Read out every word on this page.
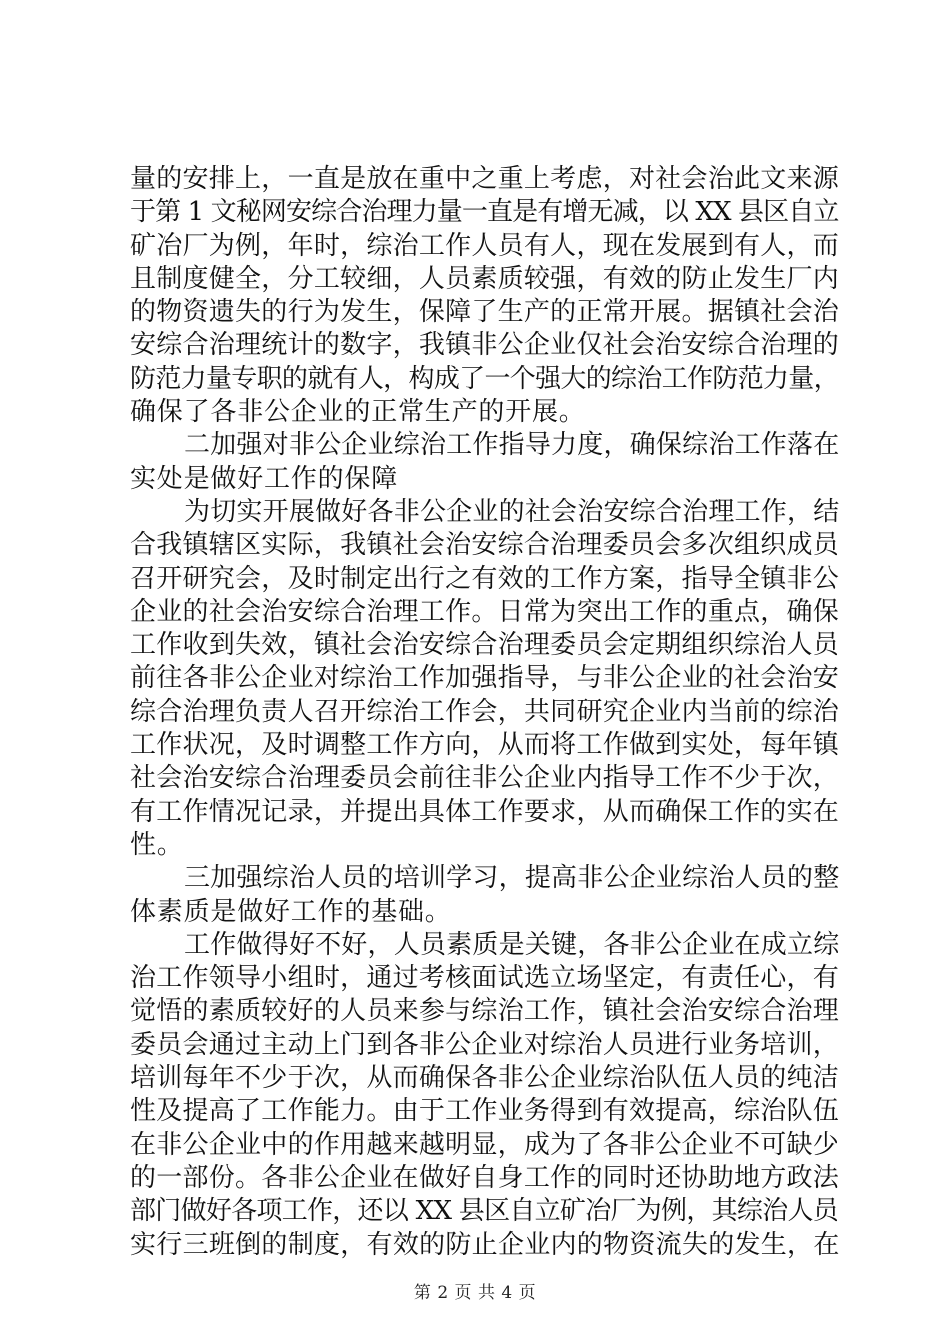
量的安排上，一直是放在重中之重上考虑，对社会治此文来源
于第 1 文秘网安综合治理力量一直是有增无减，以 XX 县区自立
矿冶厂为例，年时，综治工作人员有人，现在发展到有人，而
且制度健全，分工较细，人员素质较强，有效的防止发生厂内
的物资遗失的行为发生，保障了生产的正常开展。据镇社会治
安综合治理统计的数字，我镇非公企业仅社会治安综合治理的
防范力量专职的就有人，构成了一个强大的综治工作防范力量，
确保了各非公企业的正常生产的开展。
二加强对非公企业综治工作指导力度，确保综治工作落在
实处是做好工作的保障
为切实开展做好各非公企业的社会治安综合治理工作，结
合我镇辖区实际，我镇社会治安综合治理委员会多次组织成员
召开研究会，及时制定出行之有效的工作方案，指导全镇非公
企业的社会治安综合治理工作。日常为突出工作的重点，确保
工作收到失效，镇社会治安综合治理委员会定期组织综治人员
前往各非公企业对综治工作加强指导，与非公企业的社会治安
综合治理负责人召开综治工作会，共同研究企业内当前的综治
工作状况，及时调整工作方向，从而将工作做到实处，每年镇
社会治安综合治理委员会前往非公企业内指导工作不少于次，
有工作情况记录，并提出具体工作要求，从而确保工作的实在
性。
三加强综治人员的培训学习，提高非公企业综治人员的整
体素质是做好工作的基础。
工作做得好不好，人员素质是关键，各非公企业在成立综
治工作领导小组时，通过考核面试选立场坚定，有责任心，有
觉悟的素质较好的人员来参与综治工作，镇社会治安综合治理
委员会通过主动上门到各非公企业对综治人员进行业务培训，
培训每年不少于次，从而确保各非公企业综治队伍人员的纯洁
性及提高了工作能力。由于工作业务得到有效提高，综治队伍
在非公企业中的作用越来越明显，成为了各非公企业不可缺少
的一部份。各非公企业在做好自身工作的同时还协助地方政法
部门做好各项工作，还以 XX 县区自立矿冶厂为例，其综治人员
实行三班倒的制度，有效的防止企业内的物资流失的发生，在
第 2 页 共 4 页
